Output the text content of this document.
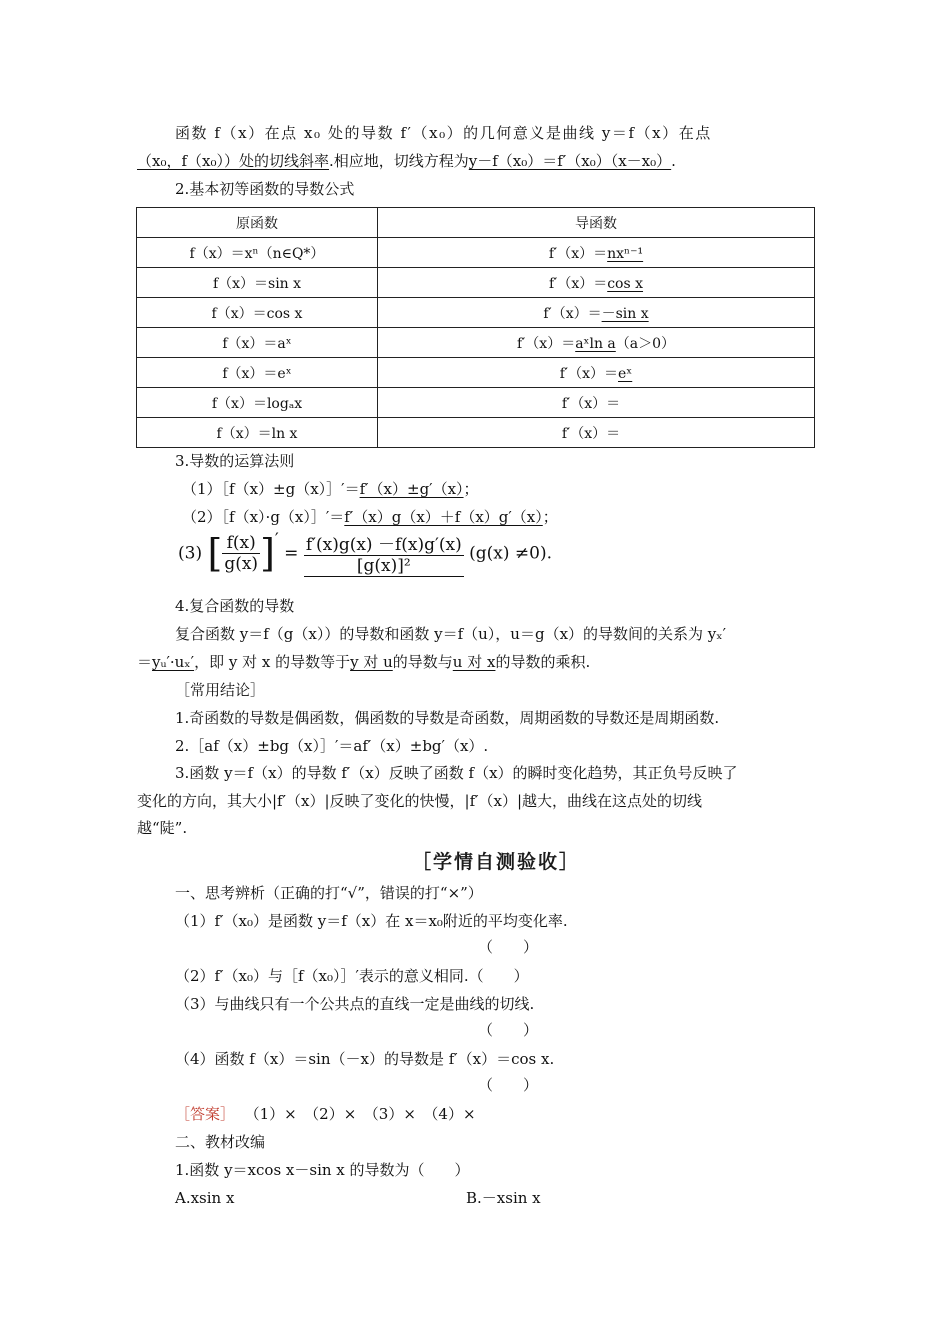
函数 f（x）在点 x₀ 处的导数 f′（x₀）的几何意义是曲线 y＝f（x）在点
（x₀，f（x₀））处的切线斜率.相应地，切线方程为y－f（x₀）＝f′（x₀）（x－x₀）.
2.基本初等函数的导数公式
原函数	导函数
f（x）＝xⁿ（n∈Q*）	f′（x）＝nxⁿ⁻¹
f（x）＝sin x	f′（x）＝cos x
f（x）＝cos x	f′（x）＝－sin x
f（x）＝aˣ	f′（x）＝aˣln a（a＞0）
f（x）＝eˣ	f′（x）＝eˣ
f（x）＝logₐx	f′（x）＝
f（x）＝ln x	f′（x）＝
3.导数的运算法则
（1）［f（x）±g（x）］′＝f′（x）±g′（x）；
（2）［f（x）·g（x）］′＝f′（x）g（x）＋f（x）g′（x）；
(3) [ $\frac{f(x)}{g(x)}$ ]′ = $\frac{f'(x)g(x) -f(x)g'(x)}{\text{[g(x)]²}} (g(x) \ne 0)$.
4.复合函数的导数
复合函数 y＝f（g（x））的导数和函数 y＝f（u），u＝g（x）的导数间的关系为 yₓ′
＝yᵤ′·uₓ′，即 y 对 x 的导数等于y 对 u的导数与u 对 x的导数的乘积.
［常用结论］
1.奇函数的导数是偶函数，偶函数的导数是奇函数，周期函数的导数还是周期函数.
2.［af（x）±bg（x）］′＝af′（x）±bg′（x）.
3.函数 y＝f（x）的导数 f′（x）反映了函数 f（x）的瞬时变化趋势，其正负号反映了
变化的方向，其大小|f′（x）|反映了变化的快慢，|f′（x）|越大，曲线在这点处的切线
越“陡”.
［学情自测验收］
一、思考辨析（正确的打“√”，错误的打“×”）
（1）f′（x₀）是函数 y＝f（x）在 x＝x₀附近的平均变化率.
（　　）
（2）f′（x₀）与［f（x₀）］′表示的意义相同.（　　）
（3）与曲线只有一个公共点的直线一定是曲线的切线.
（　　）
（4）函数 f（x）＝sin（－x）的导数是 f′（x）＝cos x.
（　　）
［答案］ （1）×　（2）×　（3）×　（4）×
二、教材改编
1.函数 y＝xcos x－sin x 的导数为（　　）
A.xsin x	B.－xsin x
